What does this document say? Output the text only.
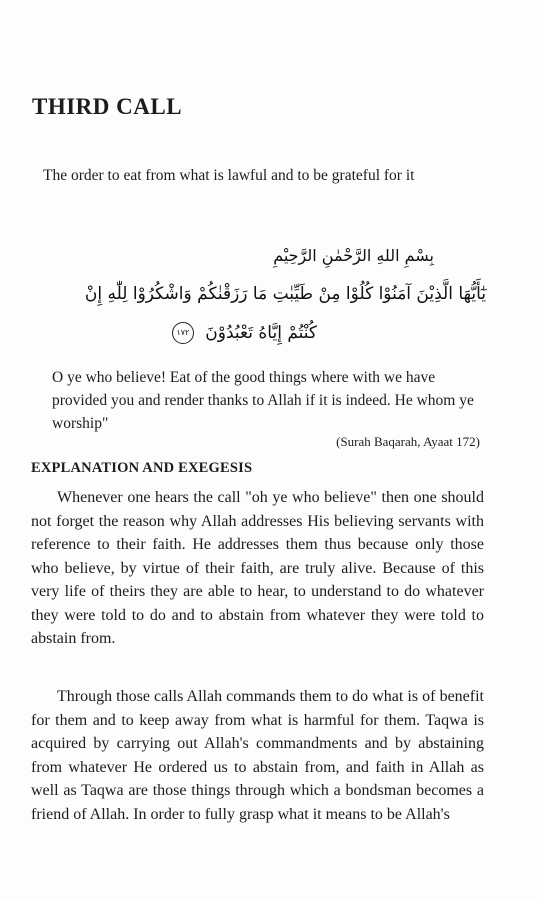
THIRD CALL

The order to eat from what is lawful and to be grateful for it

بِسْمِ اللهِ الرَّحْمٰنِ الرَّحِيْمِ

يٰٓأَيُّهَا الَّذِيْنَ آمَنُوْا كُلُوْا مِنْ طَيِّبٰتِ مَا رَزَقْنٰكُمْ وَاشْكُرُوْا لِلّٰهِ إِنْ

كُنْتُمْ إِيَّاهُ تَعْبُدُوْنَ ١٧٢

O ye who believe! Eat of the good things where with we have provided you and render thanks to Allah if it is indeed. He whom ye worship"

(Surah Baqarah, Ayaat 172)

EXPLANATION AND EXEGESIS

Whenever one hears the call "oh ye who believe" then one should not forget the reason why Allah addresses His believing servants with reference to their faith. He addresses them thus because only those who believe, by virtue of their faith, are truly alive. Because of this very life of theirs they are able to hear, to understand to do whatever they were told to do and to abstain from whatever they were told to abstain from.

Through those calls Allah commands them to do what is of benefit for them and to keep away from what is harmful for them. Taqwa is acquired by carrying out Allah's commandments and by abstaining from whatever He ordered us to abstain from, and faith in Allah as well as Taqwa are those things through which a bondsman becomes a friend of Allah. In order to fully grasp what it means to be Allah's
